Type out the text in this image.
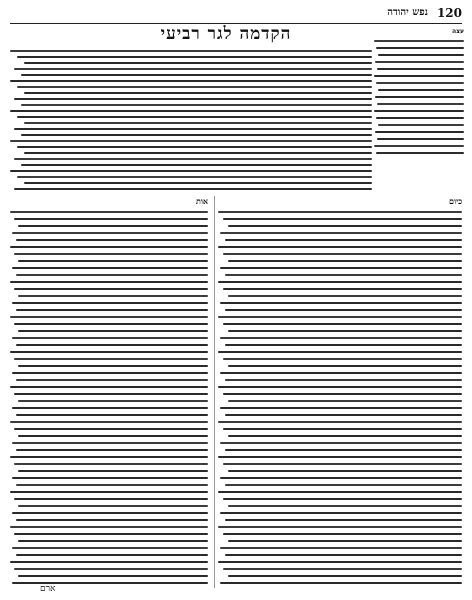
120
נפש יהודה
הקדמה לגר רביעי	עצה
אות	כיום
ארם
